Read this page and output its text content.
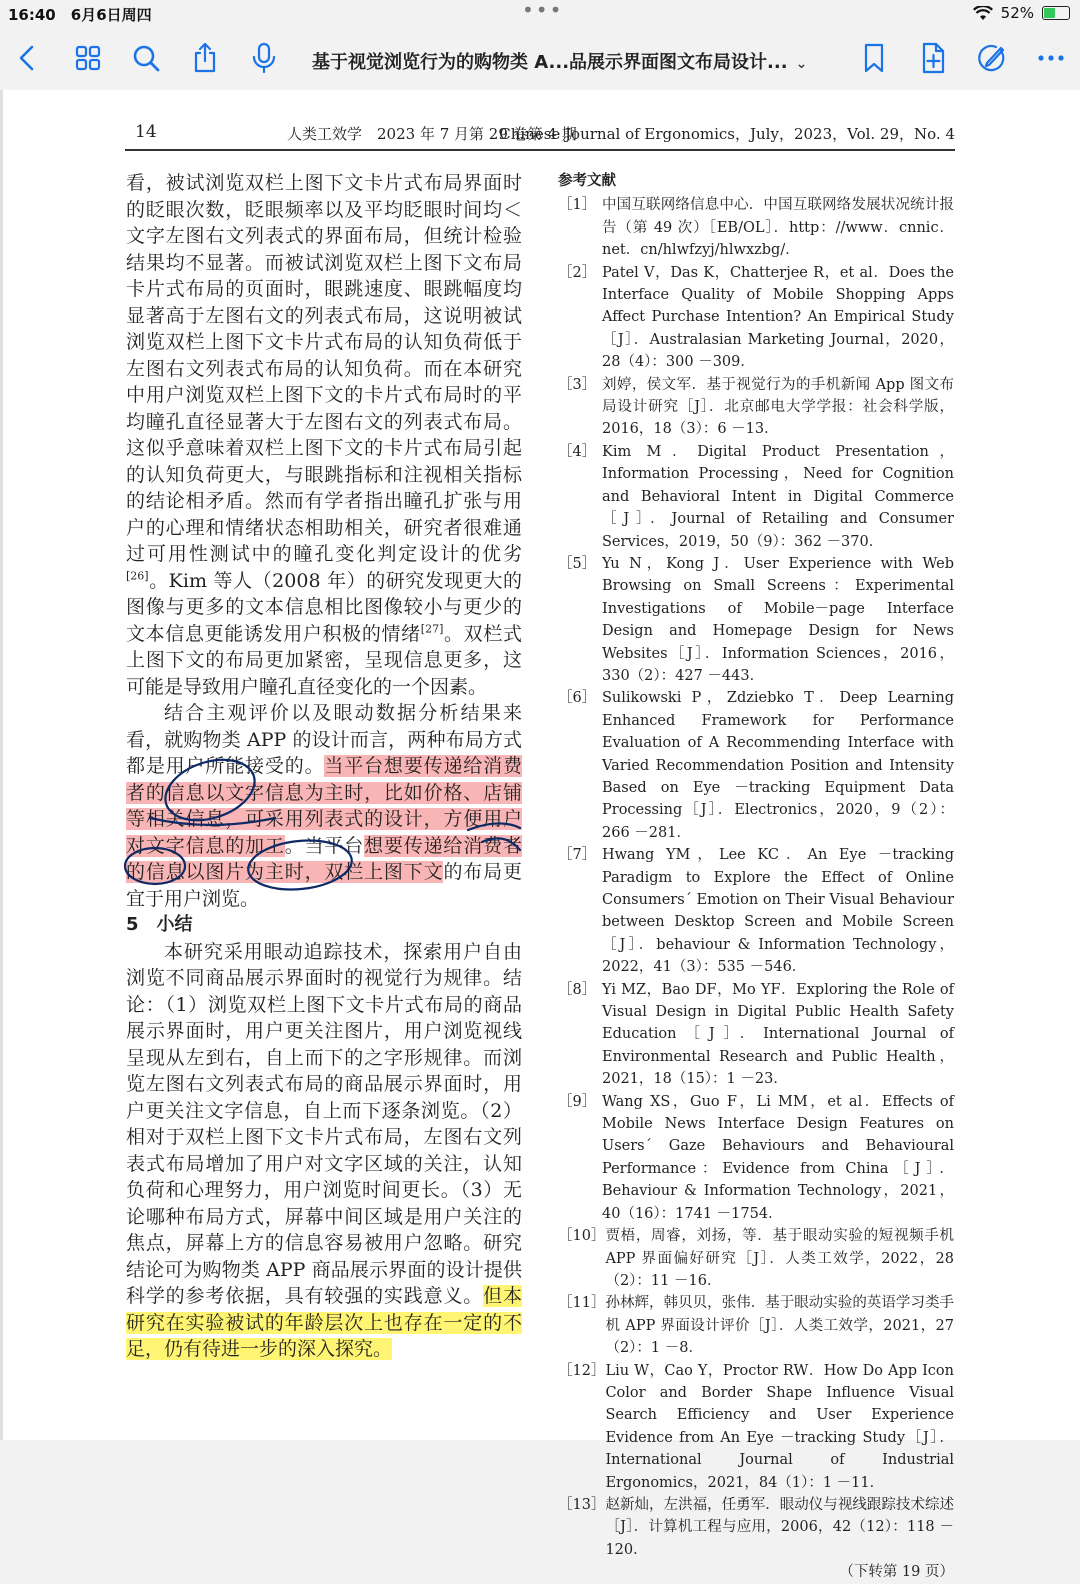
16:40　 6月6日周四	•••	52%
基于视觉浏览行为的购物类 A...品展示界面图文布局设计... ⌄
14	人类工效学　2023 年 7 月第 29 卷第 4 期
Chinese Journal of Ergonomics，July，2023，Vol. 29，No. 4

看，被试浏览双栏上图下文卡片式布局界面时的眨眼次数，眨眼频率以及平均眨眼时间均＜文字左图右文列表式的界面布局，但统计检验结果均不显著。而被试浏览双栏上图下文布局卡片式布局的页面时，眼跳速度、眼跳幅度均显著高于左图右文的列表式布局，这说明被试浏览双栏上图下文卡片式布局的认知负荷低于左图右文列表式布局的认知负荷。而在本研究中用户浏览双栏上图下文的卡片式布局时的平均瞳孔直径显著大于左图右文的列表式布局。这似乎意味着双栏上图下文的卡片式布局引起的认知负荷更大，与眼跳指标和注视相关指标的结论相矛盾。然而有学者指出瞳孔扩张与用户的心理和情绪状态相助相关，研究者很难通过可用性测试中的瞳孔变化判定设计的优劣[26]。Kim 等人（2008 年）的研究发现更大的图像与更多的文本信息相比图像较小与更少的文本信息更能诱发用户积极的情绪[27]。双栏式上图下文的布局更加紧密，呈现信息更多，这可能是导致用户瞳孔直径变化的一个因素。

结合主观评价以及眼动数据分析结果来看，就购物类 APP 的设计而言，两种布局方式都是用户所能接受的。当平台想要传递给消费者的信息以文字信息为主时，比如价格、店铺等相关信息，可采用列表式的设计，方便用户对文字信息的加工。当平台想要传递给消费者的信息以图片为主时，双栏上图下文的布局更宜于用户浏览。

5　小结

本研究采用眼动追踪技术，探索用户自由浏览不同商品展示界面时的视觉行为规律。结论：（1）浏览双栏上图下文卡片式布局的商品展示界面时，用户更关注图片，用户浏览视线呈现从左到右，自上而下的之字形规律。而浏览左图右文列表式布局的商品展示界面时，用户更关注文字信息，自上而下逐条浏览。（2）相对于双栏上图下文卡片式布局，左图右文列表式布局增加了用户对文字区域的关注，认知负荷和心理努力，用户浏览时间更长。（3）无论哪种布局方式，屏幕中间区域是用户关注的焦点，屏幕上方的信息容易被用户忽略。研究结论可为购物类 APP 商品展示界面的设计提供科学的参考依据，具有较强的实践意义。但本研究在实验被试的年龄层次上也存在一定的不足，仍有待进一步的深入探究。

参考文献
［1］ 中国互联网络信息中心．中国互联网络发展状况统计报告（第 49 次）［EB/OL］．http：//www．cnnic．net．cn/hlwfzyj/hlwxzbg/．
［2］ Patel V，Das K，Chatterjee R，et al．Does the Interface Quality of Mobile Shopping Apps Affect Purchase Intention? An Empirical Study［J］．Australasian Marketing Journal，2020，28（4）：300 －309．
［3］ 刘婷，侯文军．基于视觉行为的手机新闻 App 图文布局设计研究［J］．北京邮电大学学报：社会科学版，2016，18（3）：6 －13．
［4］ Kim M．Digital Product Presentation，Information Processing，Need for Cognition and Behavioral Intent in Digital Commerce［J］．Journal of Retailing and Consumer Services，2019，50（9）：362 －370．
［5］ Yu N，Kong J．User Experience with Web Browsing on Small Screens：Experimental Investigations of Mobile－page Interface Design and Homepage Design for News Websites［J］．Information Sciences，2016，330（2）：427 －443．
［6］ Sulikowski P，Zdziebko T．Deep Learning Enhanced Framework for Performance Evaluation of A Recommending Interface with Varied Recommendation Position and Intensity Based on Eye －tracking Equipment Data Processing［J］．Electronics，2020，9（2）：266 －281．
［7］ Hwang YM，Lee KC．An Eye －tracking Paradigm to Explore the Effect of Online Consumers´ Emotion on Their Visual Behaviour between Desktop Screen and Mobile Screen［J］．behaviour & Information Technology，2022，41（3）：535 －546．
［8］ Yi MZ，Bao DF，Mo YF．Exploring the Role of Visual Design in Digital Public Health Safety Education［J］．International Journal of Environmental Research and Public Health，2021，18（15）：1 －23．
［9］ Wang XS，Guo F，Li MM，et al．Effects of Mobile News Interface Design Features on Users´ Gaze Behaviours and Behavioural Performance：Evidence from China［J］．Behaviour & Information Technology，2021，40（16）：1741 －1754．
［10］ 贾梧，周睿，刘扬，等．基于眼动实验的短视频手机 APP 界面偏好研究［J］．人类工效学，2022，28（2）：11 －16．
［11］ 孙林辉，韩贝贝，张伟．基于眼动实验的英语学习类手机 APP 界面设计评价［J］．人类工效学，2021，27（2）：1 －8．
［12］ Liu W，Cao Y，Proctor RW．How Do App Icon Color and Border Shape Influence Visual Search Efficiency and User Experience Evidence from An Eye －tracking Study［J］．International Journal of Industrial Ergonomics，2021，84（1）：1 －11．
［13］ 赵新灿，左洪福，任勇军．眼动仪与视线跟踪技术综述［J］．计算机工程与应用，2006，42（12）：118 －120．
（下转第 19 页）
